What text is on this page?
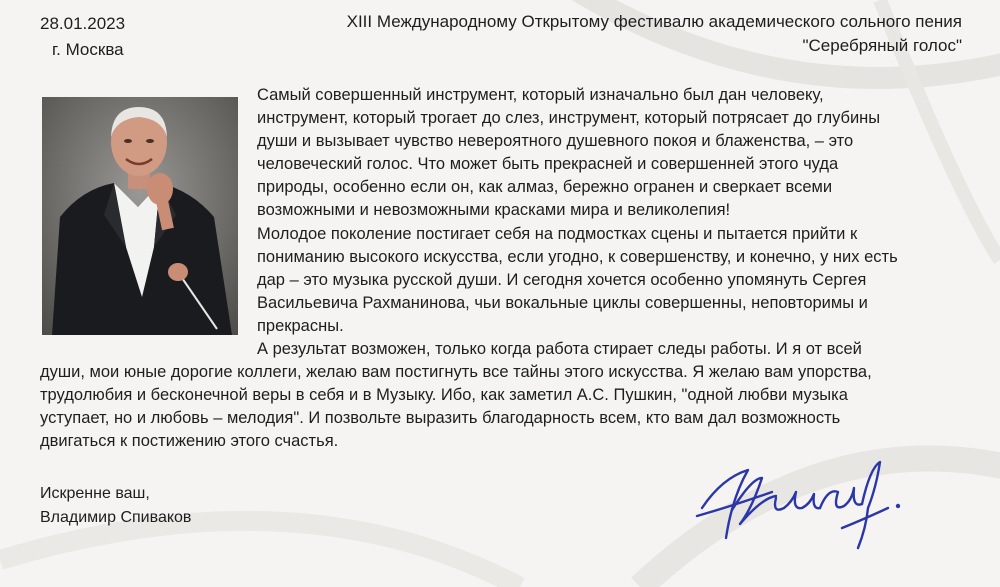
28.01.2023
г. Москва
XIII Международному Открытому фестивалю академического сольного пения
"Серебряный голос"
Самый совершенный инструмент, который изначально был дан человеку,
инструмент, который трогает до слез, инструмент, который потрясает до глубины
души и вызывает чувство невероятного душевного покоя и блаженства, – это
человеческий голос. Что может быть прекрасней и совершенней этого чуда
природы, особенно если он, как алмаз, бережно огранен и сверкает всеми
возможными и невозможными красками мира и великолепия!
Молодое поколение постигает себя на подмостках сцены и пытается прийти к
пониманию высокого искусства, если угодно, к совершенству, и конечно, у них есть
дар – это музыка русской души. И сегодня хочется особенно упомянуть Сергея
Васильевича Рахманинова, чьи вокальные циклы совершенны, неповторимы и
прекрасны.
А результат возможен, только когда работа стирает следы работы. И я от всей
души, мои юные дорогие коллеги, желаю вам постигнуть все тайны этого искусства. Я желаю вам упорства,
трудолюбия и бесконечной веры в себя и в Музыку. Ибо, как заметил А.С. Пушкин, "одной любви музыка
уступает, но и любовь – мелодия". И позвольте выразить благодарность всем, кто вам дал возможность
двигаться к постижению этого счастья.
Искренне ваш,
Владимир Спиваков
